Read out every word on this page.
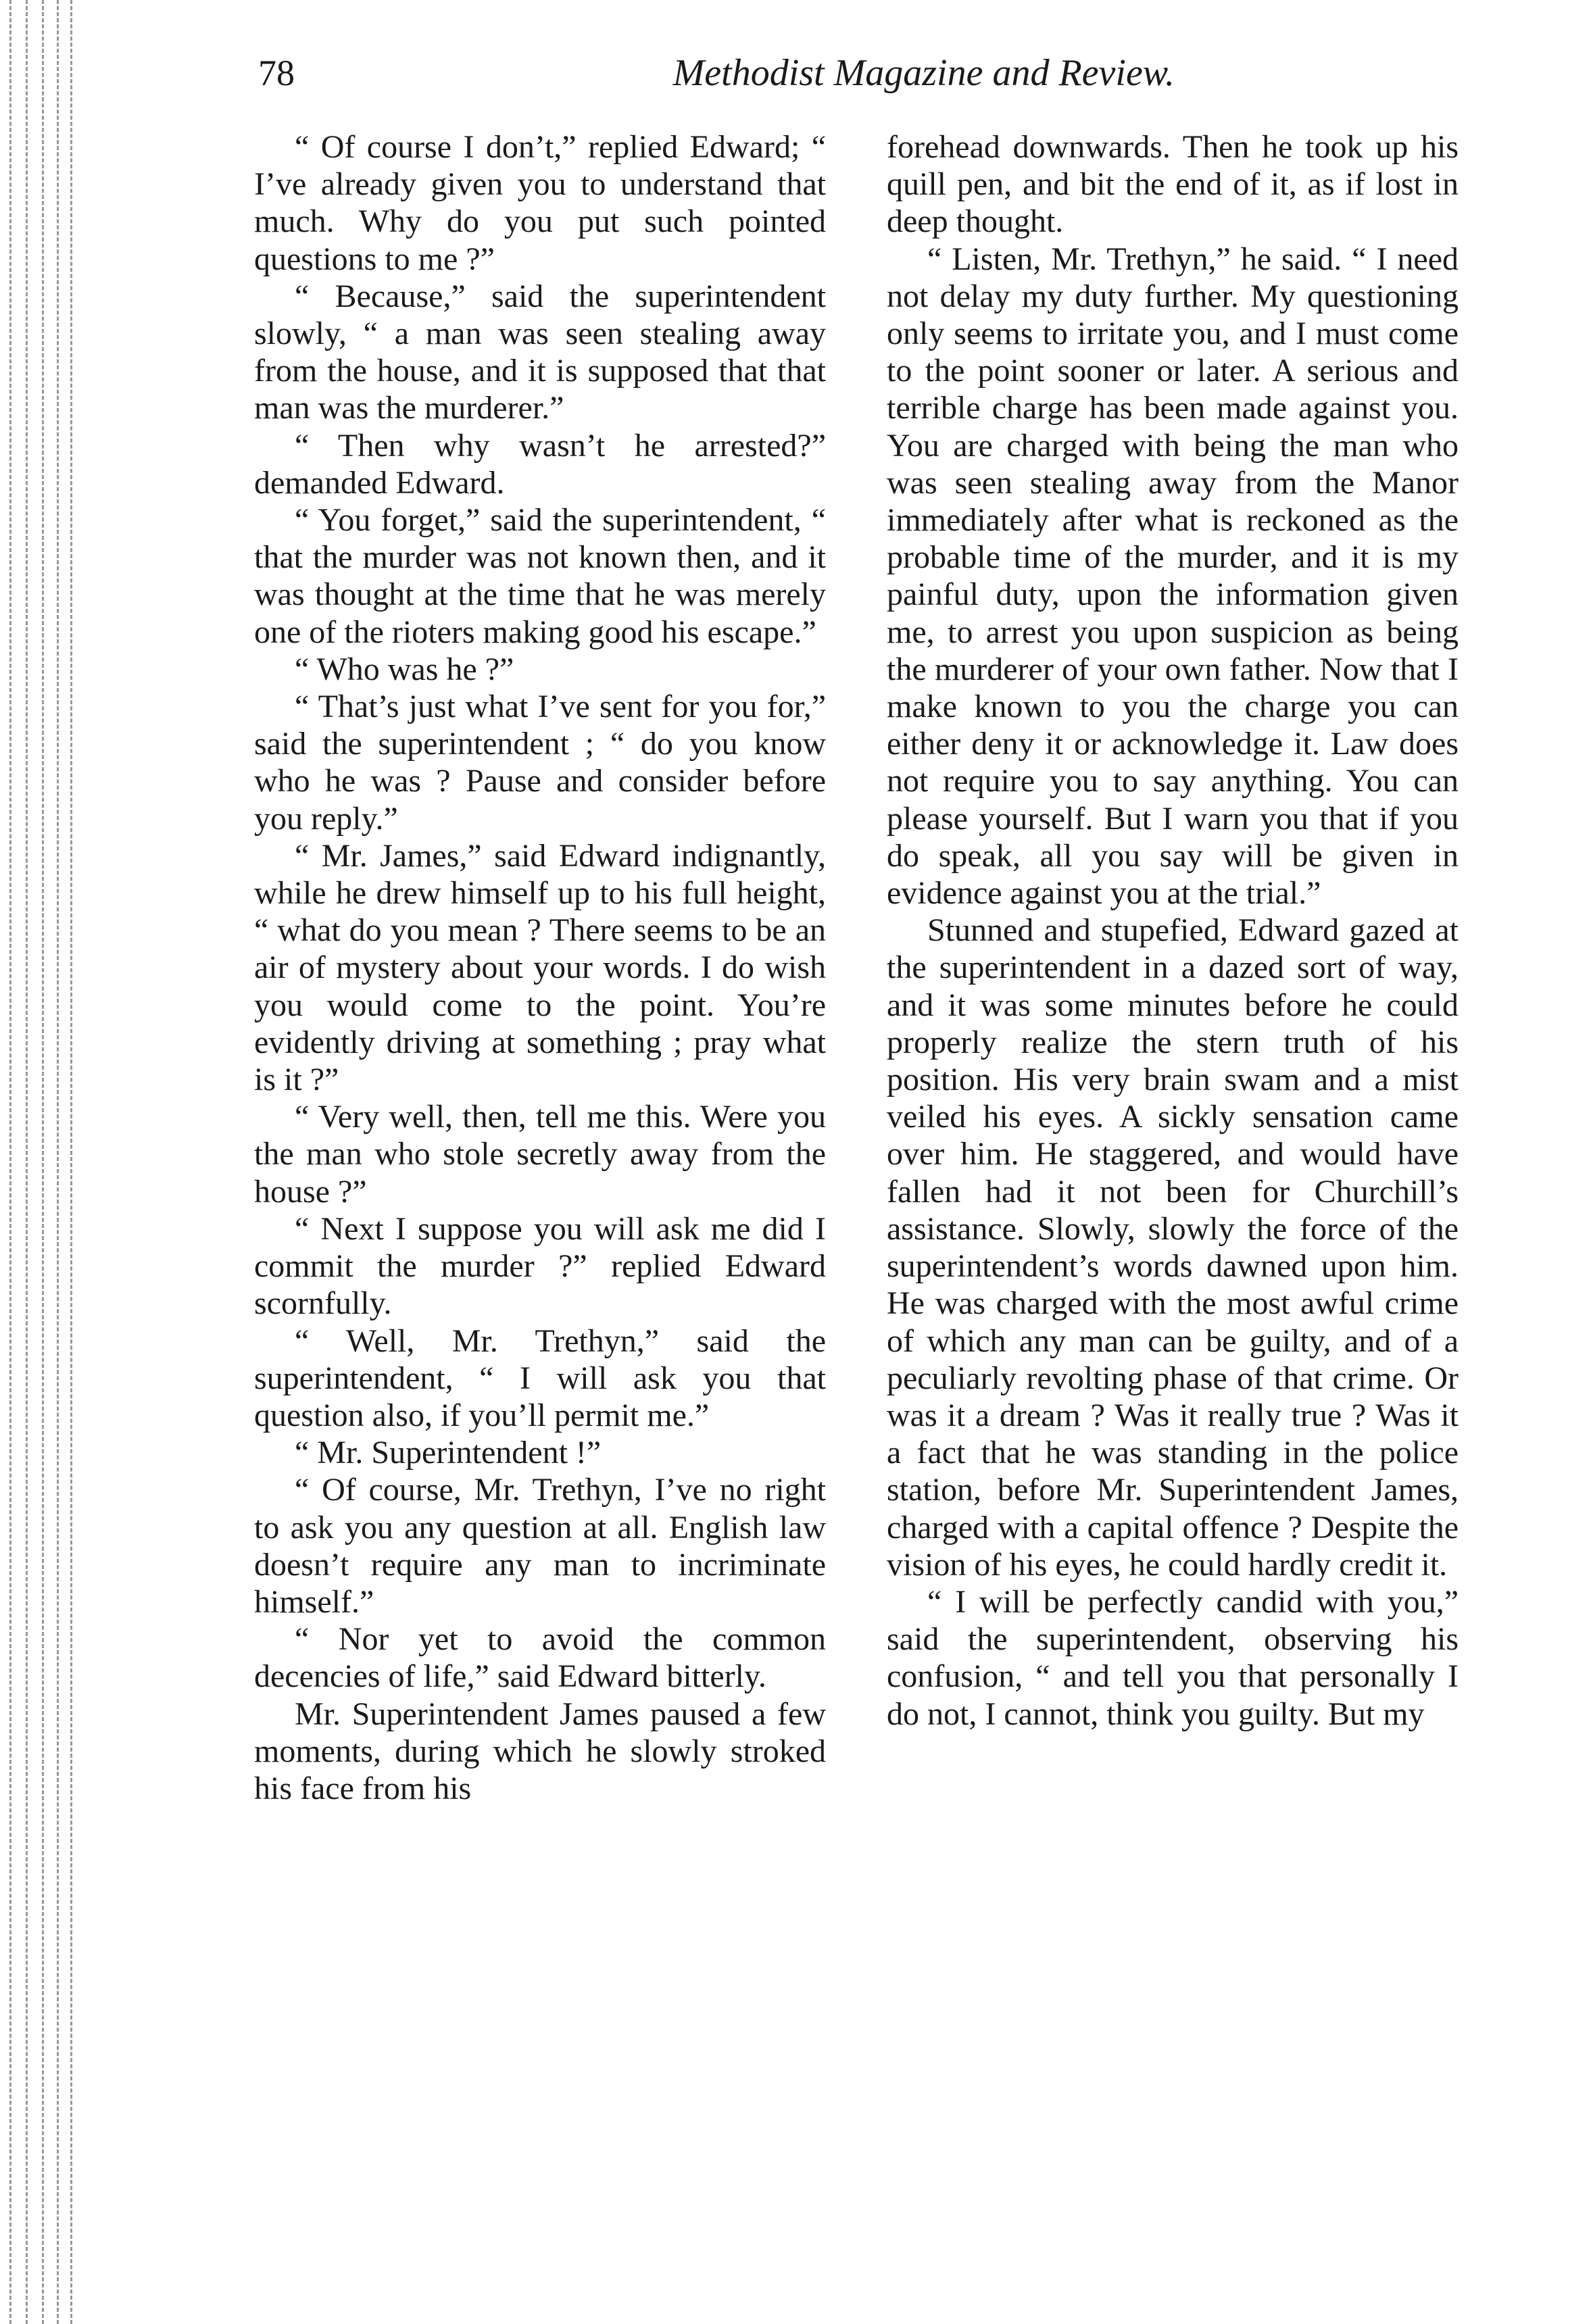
78	Methodist Magazine and Review.

“ Of course I don’t,” replied Edward; “ I’ve already given you to understand that much. Why do you put such pointed questions to me ?”

“ Because,” said the superintendent slowly, “ a man was seen stealing away from the house, and it is supposed that that man was the murderer.”

“ Then why wasn’t he arrested?” demanded Edward.

“ You forget,” said the superintendent, “ that the murder was not known then, and it was thought at the time that he was merely one of the rioters making good his escape.”

“ Who was he ?”

“ That’s just what I’ve sent for you for,” said the superintendent ; “ do you know who he was ? Pause and consider before you reply.”

“ Mr. James,” said Edward indignantly, while he drew himself up to his full height, “ what do you mean ? There seems to be an air of mystery about your words. I do wish you would come to the point. You’re evidently driving at something ; pray what is it ?”

“ Very well, then, tell me this. Were you the man who stole secretly away from the house ?”

“ Next I suppose you will ask me did I commit the murder ?” replied Edward scornfully.

“ Well, Mr. Trethyn,” said the superintendent, “ I will ask you that question also, if you’ll permit me.”

“ Mr. Superintendent !”

“ Of course, Mr. Trethyn, I’ve no right to ask you any question at all. English law doesn’t require any man to incriminate himself.”

“ Nor yet to avoid the common decencies of life,” said Edward bitterly.

Mr. Superintendent James paused a few moments, during which he slowly stroked his face from his

forehead downwards. Then he took up his quill pen, and bit the end of it, as if lost in deep thought.

“ Listen, Mr. Trethyn,” he said. “ I need not delay my duty further. My questioning only seems to irritate you, and I must come to the point sooner or later. A serious and terrible charge has been made against you. You are charged with being the man who was seen stealing away from the Manor immediately after what is reckoned as the probable time of the murder, and it is my painful duty, upon the information given me, to arrest you upon suspicion as being the murderer of your own father. Now that I make known to you the charge you can either deny it or acknowledge it. Law does not require you to say anything. You can please yourself. But I warn you that if you do speak, all you say will be given in evidence against you at the trial.”

Stunned and stupefied, Edward gazed at the superintendent in a dazed sort of way, and it was some minutes before he could properly realize the stern truth of his position. His very brain swam and a mist veiled his eyes. A sickly sensation came over him. He staggered, and would have fallen had it not been for Churchill’s assistance. Slowly, slowly the force of the superintendent’s words dawned upon him. He was charged with the most awful crime of which any man can be guilty, and of a peculiarly revolting phase of that crime. Or was it a dream ? Was it really true ? Was it a fact that he was standing in the police station, before Mr. Superintendent James, charged with a capital offence ? Despite the vision of his eyes, he could hardly credit it.

“ I will be perfectly candid with you,” said the superintendent, observing his confusion, “ and tell you that personally I do not, I cannot, think you guilty. But my
